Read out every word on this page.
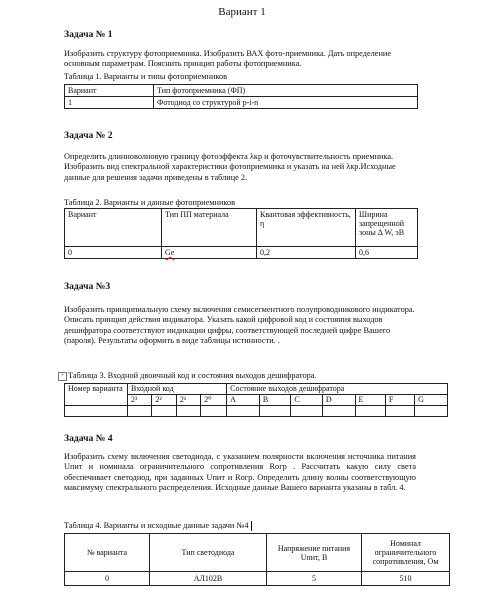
Вариант 1
Задача № 1
Изобразить структуру фотоприемника. Изобразить ВАХ фото-приемника. Дать определение основным параметрам. Пояснить принцип работы фотоприемника.
Таблица 1. Варианты и типы фотоприемников
Вариант	Тип фотоприемника (ФП)
1	Фотодиод со структурой p-i-n
Задача № 2
Определить длинноволновую границу фотоэффекта λкр и фоточувствительность приемника. Изобразить вид спектральной характеристики фотоприемника и указать на ней λкр.Исходные данные для решения задачи приведены в таблице 2.
Таблица 2. Варианты и данные фотоприемников
Вариант	Тип ПП материала	Квантовая эффективность, η	Ширина запрещенной зоны Δ W, эВ
0	Ge	0,2	0,6
Задача №3
Изобразить принципиальную схему включения семисегментного полупроводникового индикатора. Описать принцип действия индикатора. Указать какой цифровой код и состояния выходов дешифратора соответствуют индикации цифры, соответствующей последней цифре Вашего (пароля). Результаты оформить в виде таблицы истинности. .
+ Таблица 3. Входной двоичный код и состояния выходов дешифратора.
Номер варианта	Входной код				Состояние выходов дешифратора						
	2³	2²	2¹	2⁰	A	B	C	D	E	F	G

Задача № 4
Изобразить схему включения светодиода, с указанием полярности включения источника питания Uпит и номинала ограничительного сопротивления Rогр . Рассчитать какую силу света обеспечивает светодиод, при заданных Uпит и Rогр. Определить длину волны соответствующую максимуму спектрального распределения. Исходные данные Вашего варианта указаны в табл. 4.
Таблица 4. Варианты и исходные данные задачи №4
№ варианта	Тип светодиода	Напряжение питания Uпит, В	Номинал ограничительного сопротивления, Ом
0	АЛ102В	5	510
